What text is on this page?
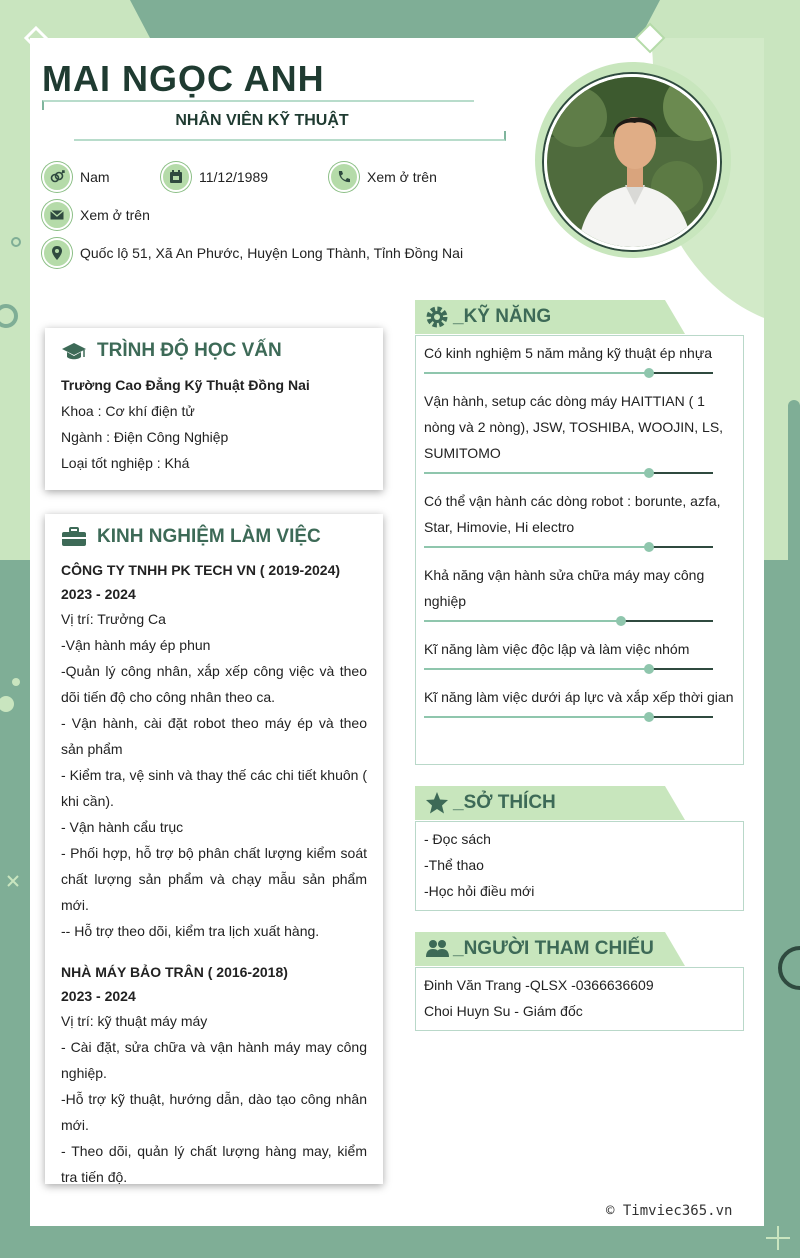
MAI NGỌC ANH
NHÂN VIÊN KỸ THUẬT
Nam	11/12/1989	Xem ở trên
Xem ở trên
Quốc lộ 51, Xã An Phước, Huyện Long Thành, Tỉnh Đồng Nai
TRÌNH ĐỘ HỌC VẤN
Trường Cao Đẳng Kỹ Thuật Đồng Nai
Khoa : Cơ khí điện tử
Ngành : Điện Công Nghiệp
Loại tốt nghiệp : Khá
KINH NGHIỆM LÀM VIỆC
CÔNG TY TNHH PK TECH VN ( 2019-2024)
2023 - 2024
Vị trí: Trưởng Ca
-Vận hành máy ép phun
-Quản lý công nhân, xắp xếp công việc và theo dõi tiến độ cho công nhân theo ca.
- Vận hành, cài đặt robot theo máy ép và theo sản phẩm
- Kiểm tra, vệ sinh và thay thế các chi tiết khuôn ( khi cần).
- Vận hành cẩu trục
- Phối hợp, hỗ trợ bộ phân chất lượng kiểm soát chất lượng sản phẩm và chạy mẫu sản phẩm mới.
-- Hỗ trợ theo dõi, kiểm tra lịch xuất hàng.
NHÀ MÁY BẢO TRÂN ( 2016-2018)
2023 - 2024
Vị trí: kỹ thuật máy máy
- Cài đặt, sửa chữa và vận hành máy may công nghiệp.
-Hỗ trợ kỹ thuật, hướng dẫn, dào tạo công nhân mới.
- Theo dõi, quản lý chất lượng hàng may, kiểm tra tiến độ.
_KỸ NĂNG
Có kinh nghiệm 5 năm mảng kỹ thuật ép nhựa
Vận hành, setup các dòng máy HAITTIAN ( 1 nòng và 2 nòng), JSW, TOSHIBA, WOOJIN, LS, SUMITOMO
Có thể vận hành các dòng robot : borunte, azfa, Star, Himovie, Hi electro
Khả năng vận hành sửa chữa máy may công nghiệp
Kĩ năng làm việc độc lập và làm việc nhóm
Kĩ năng làm việc dưới áp lực và xắp xếp thời gian
_SỞ THÍCH
- Đọc sách
-Thể thao
-Học hỏi điều mới
_NGƯỜI THAM CHIẾU
Đinh Văn Trang -QLSX -0366636609
Choi Huyn Su - Giám đốc
© Timviec365.vn
